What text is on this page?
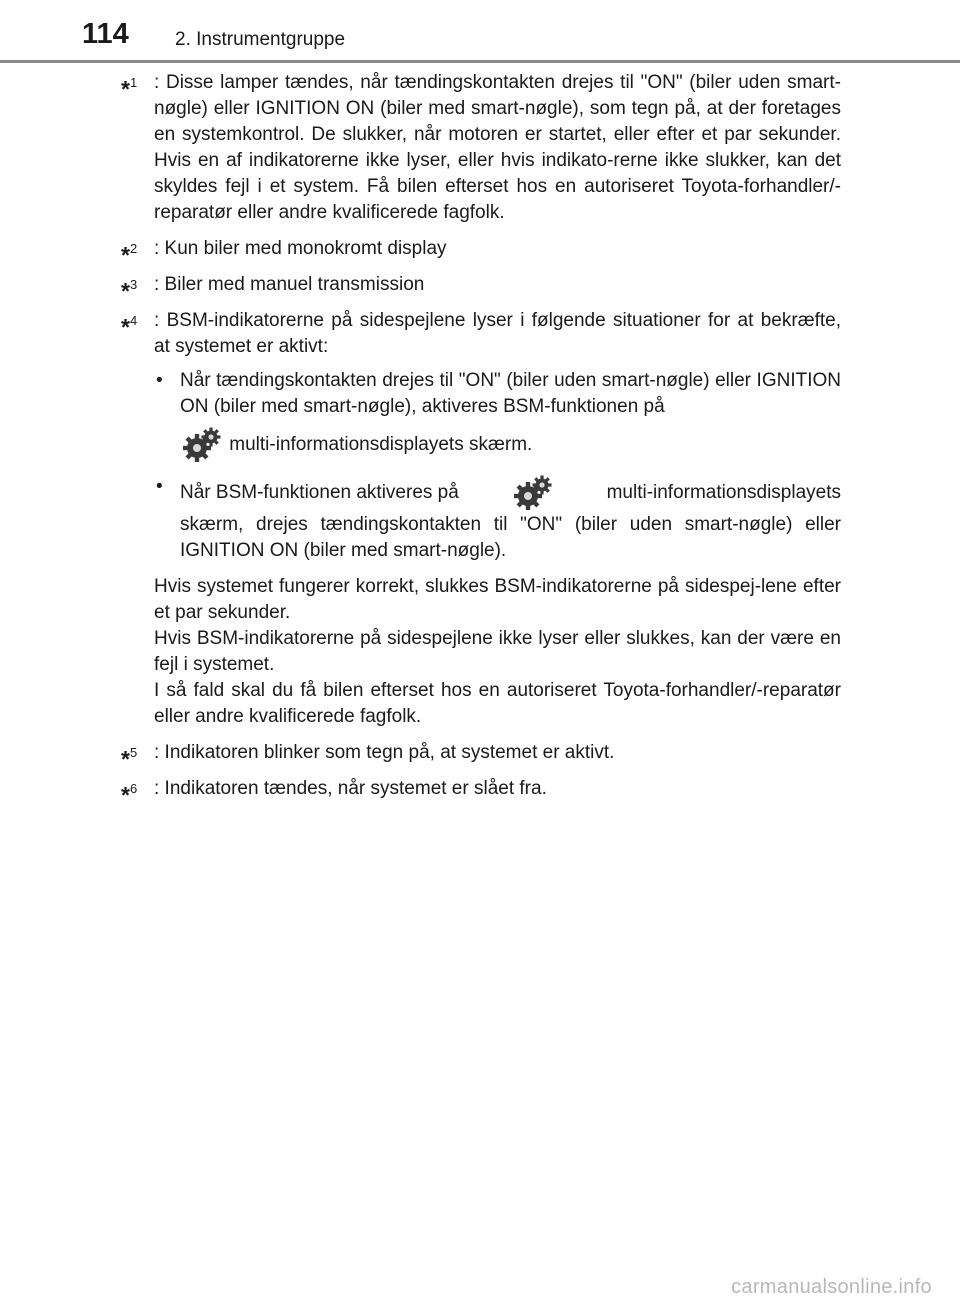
114 2. Instrumentgruppe
*$^1$ : Disse lamper tændes, når tændingskontakten drejes til "ON" (biler uden smart-nøgle) eller IGNITION ON (biler med smart-nøgle), som tegn på, at der foretages en systemkontrol. De slukker, når motoren er startet, eller efter et par sekunder. Hvis en af indikatorerne ikke lyser, eller hvis indikato-rerne ikke slukker, kan det skyldes fejl i et system. Få bilen efterset hos en autoriseret Toyota-forhandler/-reparatør eller andre kvalificerede fagfolk.

*$^2$ : Kun biler med monokromt display

*$^3$ : Biler med manuel transmission

*$^4$ : BSM-indikatorerne på sidespejlene lyser i følgende situationer for at bekræfte, at systemet er aktivt:

• Når tændingskontakten drejes til "ON" (biler uden smart-nøgle) eller IGNITION ON (biler med smart-nøgle), aktiveres BSM-funktionen på
multi-informationsdisplayets skærm.
• Når BSM-funktionen aktiveres på	multi-informationsdisplayets
skærm, drejes tændingskontakten til "ON" (biler uden smart-nøgle) eller IGNITION ON (biler med smart-nøgle).

Hvis systemet fungerer korrekt, slukkes BSM-indikatorerne på sidespej-lene efter et par sekunder.

Hvis BSM-indikatorerne på sidespejlene ikke lyser eller slukkes, kan der være en fejl i systemet.

I så fald skal du få bilen efterset hos en autoriseret Toyota-forhandler/-reparatør eller andre kvalificerede fagfolk.

*$^5$ : Indikatoren blinker som tegn på, at systemet er aktivt.

*$^6$ : Indikatoren tændes, når systemet er slået fra.

carmanualsonline.info
